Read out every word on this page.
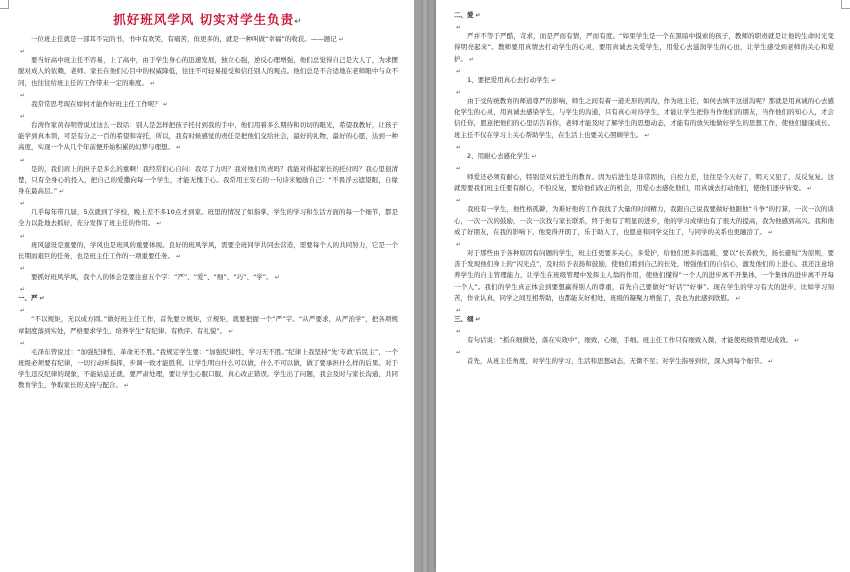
抓好班风学风 切实对学生负责↵

一位班主任就是一部耳不完的书，书中有欢笑，有痛苦，但更多的，就是一种叫做“幸福”的收获。——题记 ↵

↵

要当好高中班主任不容易，上了高中，由于学生身心的迅速发展，独立心强，逆反心理增强，他们总觉得自己是大人了，为求摆脱对成人的依赖，老师、家长在他们心目中的权威降低，往往不可轻易接受和信任别人的观点。他们总是不合适地在老师眼中与众不同，也往往给班主任的工作带来一定的难度。 ↵

↵

我常常思考现在如何才能作好班主任工作呢？ ↵

↵

台湾作家黄春明曾说过这么一段话：别人是怎样把孩子托付到我的手中，他们用着多么期待和切切的眼光，希望我教好，让孩子能学到真本领，可是有分之一百的希望和寄托，所以，我有时候感觉的责任是把他们交给社会，最好的礼物，最好的心愿，达到一种高度，实现一个从几个年前便开始积累的幻梦与理想。 ↵

↵

是的，我们肩上的担子是多么的重啊！我经常扪心自问：我尽了力吗？我对他们负责吗？我能对得起家长的托付吗？我心里很清楚，只有全身心的投入，把自己的爱撒向每一个学生，才能无愧于心。我常用王安石的一句诗来勉励自己：“不畏浮云遮望眼，自缘身在最高层。” ↵

↵

几乎每年带几届，5点就到了学校，晚上差不多10点才到家。班里的情况了如指掌，学生的学习和生活方面的每一个细节，都是全力以赴地去抓好，充分发挥了班主任的作用。 ↵

↵

班风建设是重要的，学风也是班风的重要体现。良好的班风学风，需要全班同学共同去营造，需要每个人的共同努力，它是一个长期而艰巨的任务，也是班主任工作的一项重要任务。 ↵

↵

要抓好班风学风，我个人的体会是要注意五个字：“严”、“爱”、“细”、“巧”、“学”。 ↵

↵

一、严 ↵

↵

“不以规矩，无以成方圆。”做好班主任工作，首先要立规矩，立规矩，就要把握一个“严”字。“从严要求，从严治学”，把各项规章制度落到实处，严格要求学生，培养学生“有纪律、有秩序、有礼貌”。 ↵

↵

毛泽东曾说过：“加强纪律性，革命无不胜。”我规定学生要：“加强纪律性，学习无不胜。”纪律上我坚持“先‘专政’后民主”，一个班级必须要有纪律，一切行动听指挥，步调一致才能胜利。让学生明白什么可以做，什么不可以做，做了要承担什么样的后果。对于学生违反纪律的现象，不能姑息迁就，要严肃处理，要让学生心服口服，真心改正错误。学生出了问题，我会及时与家长沟通，共同教育学生，争取家长的支持与配合。 ↵

二、爱 ↵

↵

严并不等于严酷，苛求，而是严而有情，严而有度。“如果学生是一个在黑暗中摸索的孩子，教师的职责就是让他的生命时光变得明亮起来”。教师要用真情去打动学生的心灵，要用真诚去关爱学生，用爱心去滋润学生的心田，让学生感受到老师的关心和爱护。 ↵

↵

1、要把爱用真心去打动学生 ↵

↵

由于受传统教育的师道尊严的影响，师生之间有着一道无形的鸿沟，作为班主任，如何去填平这道沟呢？那就是用真诚的心去感化学生的心灵，用真诚去感染学生，与学生的沟通，只有真心对待学生，才能让学生把你当作他们的朋友，当作他们的知心人，才会信任你，愿意把他们的心里话告诉你，老师才能及时了解学生的思想动态，才能有的放矢地做好学生的思想工作，使他们健康成长。班主任不仅在学习上关心帮助学生，在生活上也要关心照顾学生。 ↵

↵

2、用耐心去感化学生 ↵

↵

师爱还必须有耐心，特别是对后进生的教育。因为后进生是非常固执，自控力差，往往是今天好了，明天又犯了，反反复复。这就需要我们班主任要有耐心，不怕反复，要给他们改正的机会，用爱心去感化他们，用真诚去打动他们，使他们逐步转变。 ↵

↵

我班有一学生，他性格孤僻，为难好他的工作我找了大量的时间精力，我跟自己说我要做好他跟他“斗争”的打算，一次一次的谈心，一次一次的鼓励，一次一次找与家长联系，终于他有了明显的进步，他的学习成绩也有了很大的提高，我为他感到高兴。我和他成了好朋友，在我的影响下，他变得开朗了，乐于助人了，也愿意和同学交往了，与同学的关系也更融洽了。 ↵

↵

对于那些由于各种原因有问题的学生，班主任更要多关心，多爱护，给他们更多的温暖，要以“长善救失，扬长避短”为原则，要善于发现他们身上的“闪光点”，及时给予表扬和鼓励，使他们看到自己的长处，增强他们的自信心，激发他们的上进心。我还注意培养学生的自主管理能力，让学生在班级管理中发挥主人翁的作用，使他们懂得“一个人的进步离不开集体，一个集体的进步离不开每一个人”。我们的学生真正体会到要想赢得别人的尊重，首先自己要做好“好话”“好事”。现在学生的学习有大的进步，比如学习刻苦，作业认真，同学之间互相帮助，也都能友好相处，班级的凝聚力增强了，我也为此感到欣慰。 ↵

↵

三、细 ↵

↵

有句话说：“抓在细微处，落在实效中”，细致，心细，手细。班主任工作只有细致入微，才能使班级管理见成效。 ↵

↵

首先，从班主任角度，对学生的学习、生活和思想动态，无微不至；对学生指导到位，深入到每个细节。 ↵
